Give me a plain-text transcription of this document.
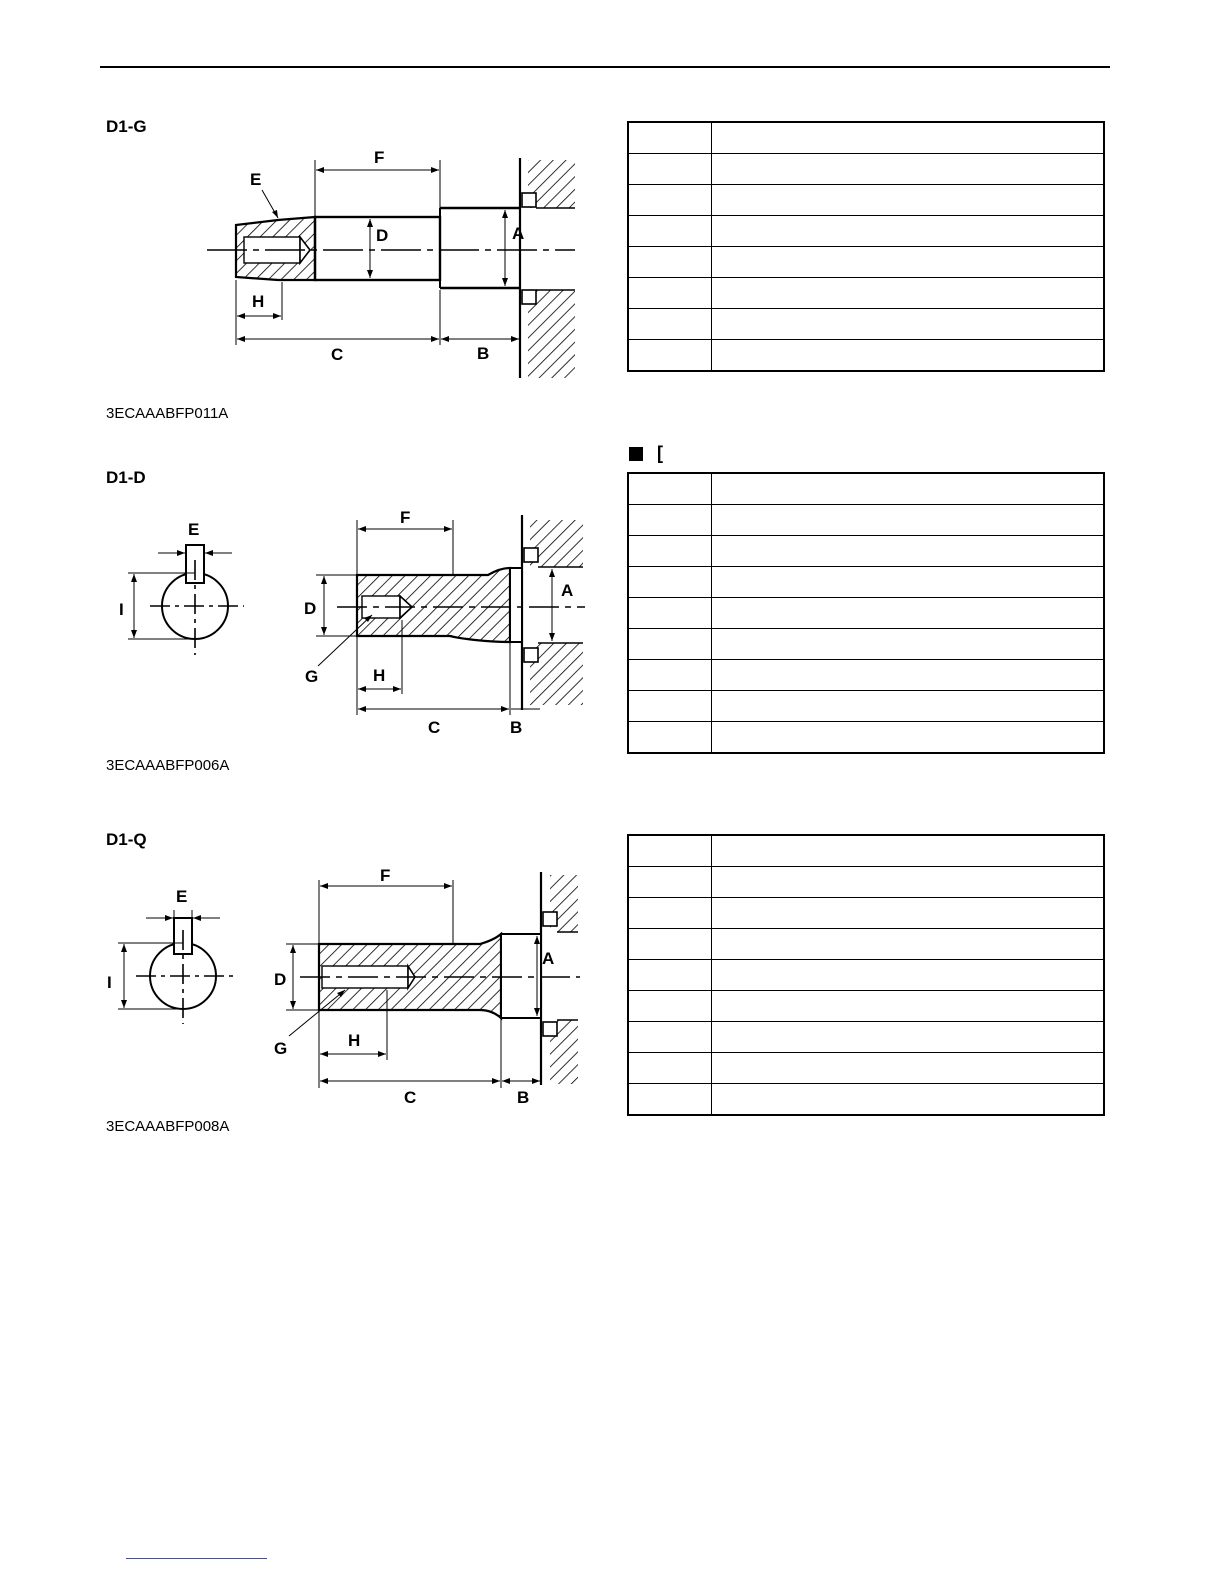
D1-G
F
E
D	A
H
C	B
3ECAAABFP011A

D1-D
[
E
I
F
D
A
G	H
C	B
3ECAAABFP006A

D1-Q
E
I
F
D
A
G	H
C	B
3ECAAABFP008A
